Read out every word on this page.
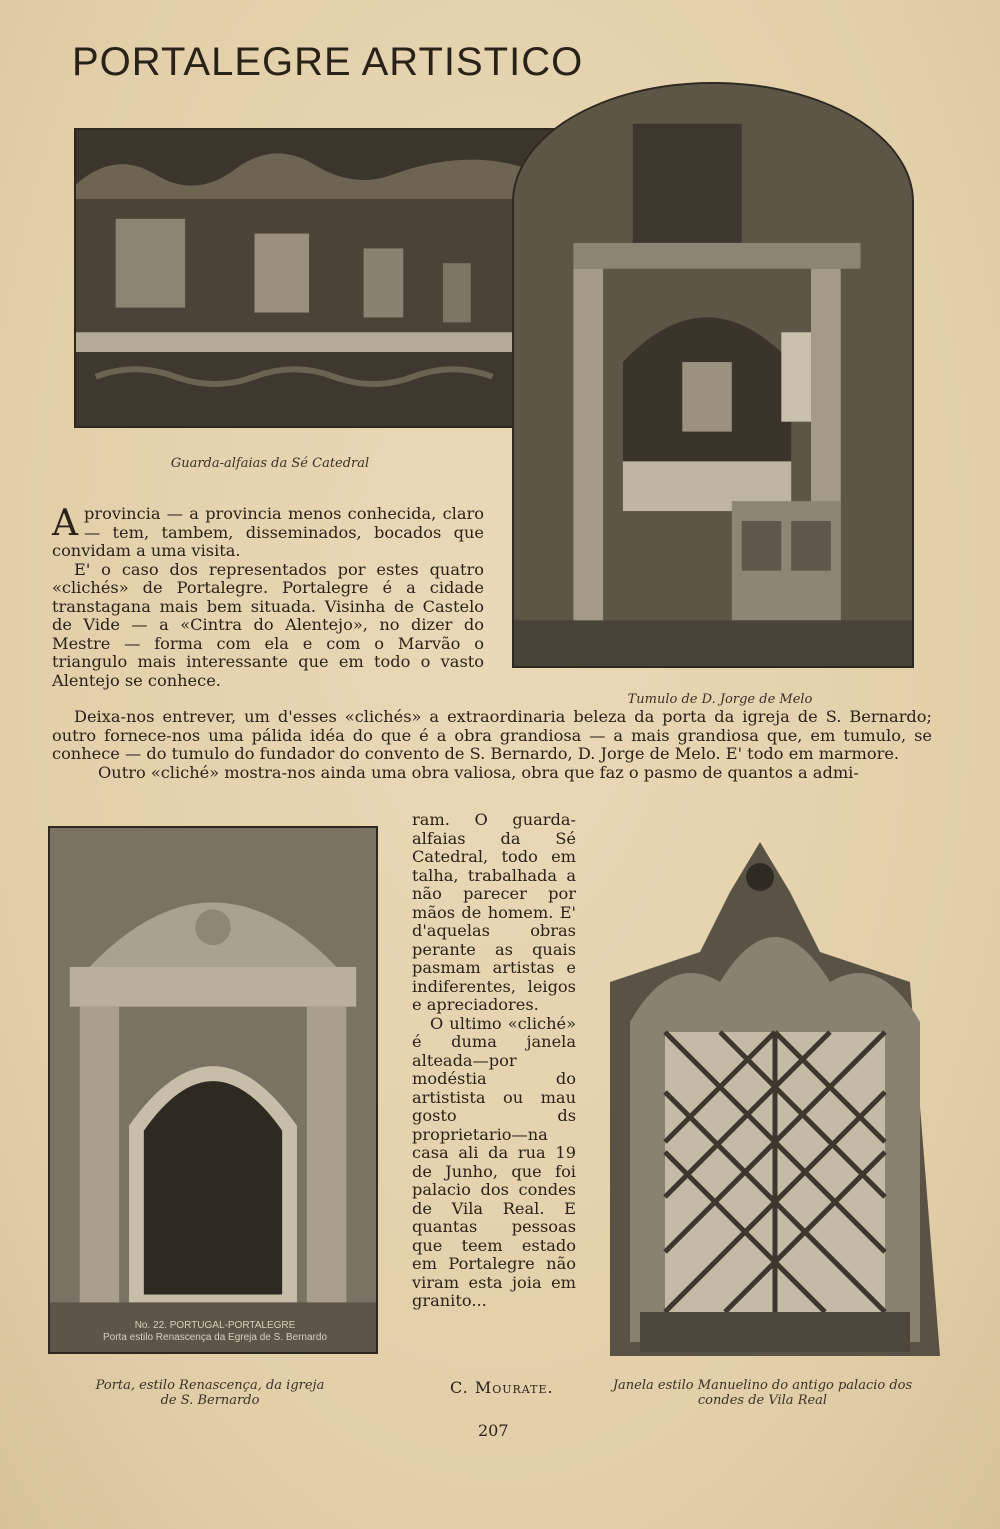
PORTALEGRE ARTISTICO
Guarda-alfaias da Sé Catedral
Tumulo de D. Jorge de Melo

Aprovincia — a provincia menos conhecida, claro — tem, tambem, disseminados, bocados que convidam a uma visita.

E' o caso dos representados por estes quatro «clichés» de Portalegre. Portalegre é a cidade transtagana mais bem situada. Visinha de Castelo de Vide — a «Cintra do Alentejo», no dizer do Mestre — forma com ela e com o Marvão o triangulo mais interessante que em todo o vasto Alentejo se conhece.

Deixa-nos entrever, um d'esses «clichés» a extraordinaria beleza da porta da igreja de S. Bernardo; outro fornece-nos uma pálida idéa do que é a obra grandiosa — a mais grandiosa que, em tumulo, se conhece — do tumulo do fundador do convento de S. Bernardo, D. Jorge de Melo. E' todo em marmore.

Outro «cliché» mostra-nos ainda uma obra valiosa, obra que faz o pasmo de quantos a admi-

No. 22. PORTUGAL-PORTALEGRE
Porta estilo Renascença da Egreja de S. Bernardo
Porta, estilo Renascença, da igreja
de S. Bernardo

ram. O guarda-alfaias da Sé Catedral, todo em talha, trabalhada a não parecer por mãos de homem. E' d'aquelas obras perante as quais pasmam artistas e indiferentes, leigos e apreciadores.

O ultimo «cliché» é duma janela alteada—por modéstia do artistista ou mau gosto ds proprietario—na casa ali da rua 19 de Junho, que foi palacio dos condes de Vila Real. E quantas pessoas que teem estado em Portalegre não viram esta joia em granito...

Janela estilo Manuelino do antigo palacio dos
condes de Vila Real
C. Mourate.
207
